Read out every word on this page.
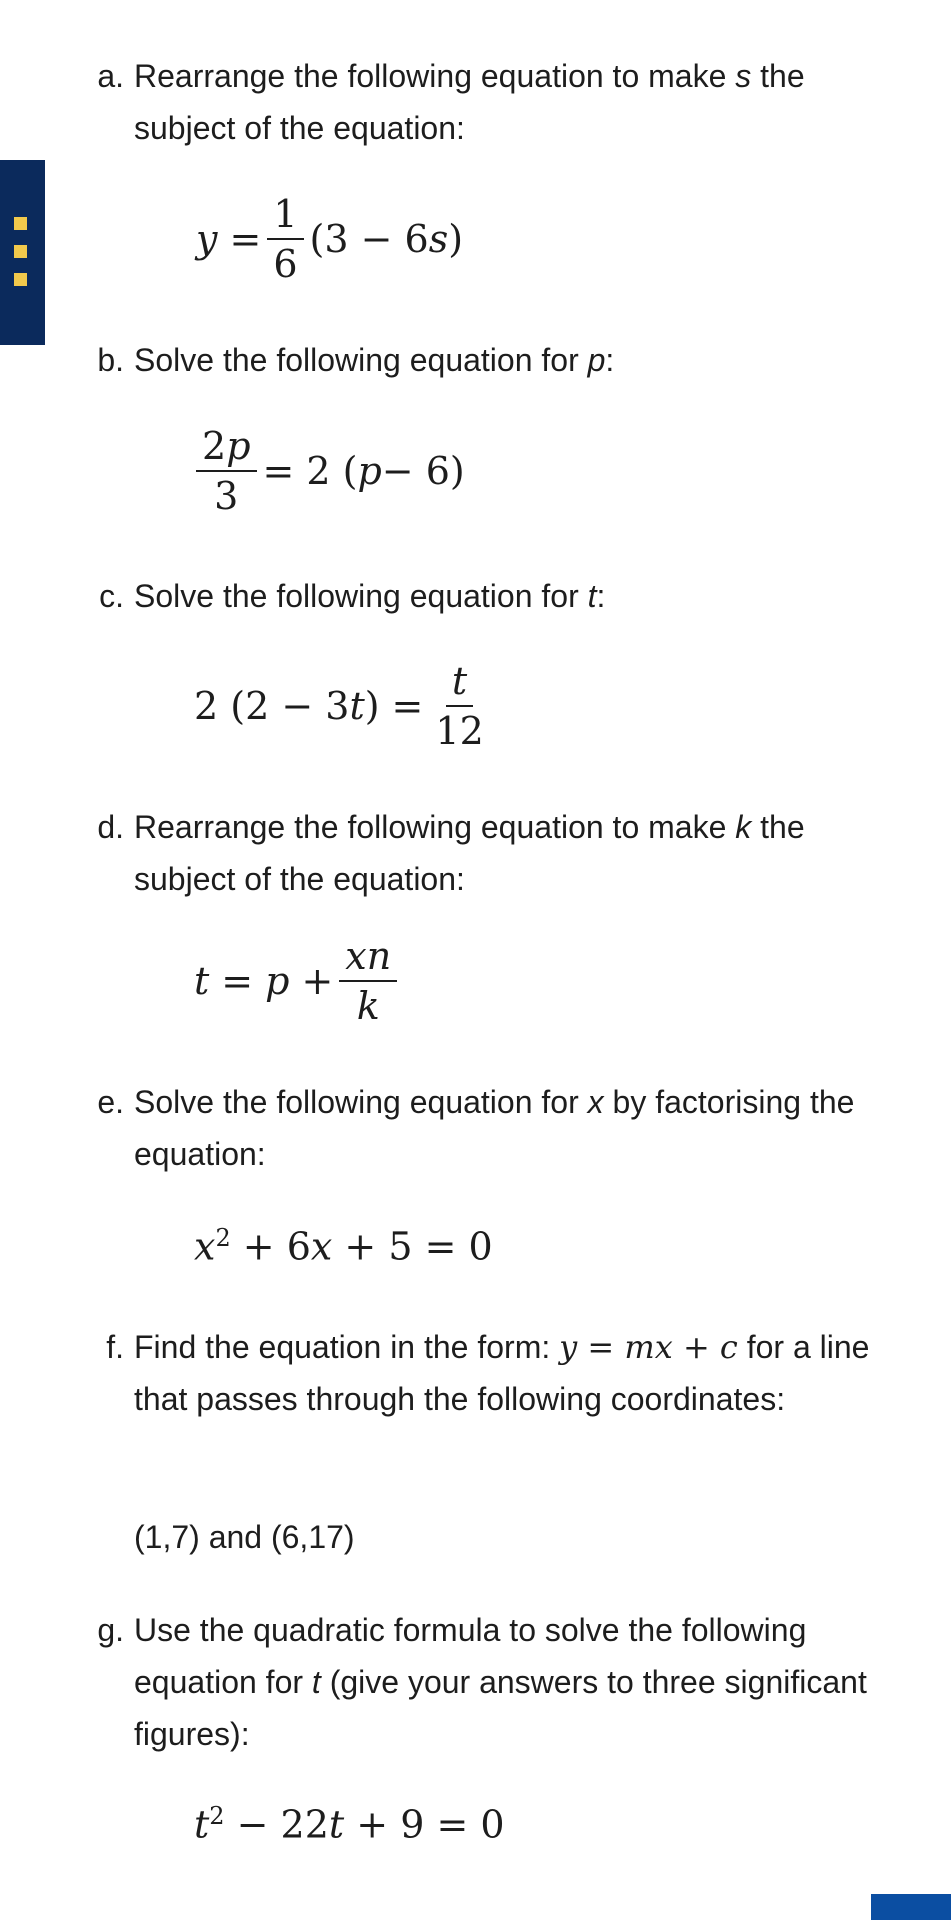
a. Rearrange the following equation to make s the subject of the equation:
$y = \frac{1}{6} (3 - 6$ s )
b. Solve the following equation for p:
$\frac{2p}{3} = 2$ ( p − 6)
c. Solve the following equation for t:
2 (2 − 3 t ) = $\frac{t}{12}$
d. Rearrange the following equation to make k the subject of the equation:
$t = p + \frac{xn}{k}$
e. Solve the following equation for x by factorising the equation:
$x^2 + 6x + 5 = 0$
f. Find the equation in the form: y = mx + c for a line that passes through the following coordinates:
(1,7) and (6,17)
g. Use the quadratic formula to solve the following equation for t (give your answers to three significant figures):
$t^2 - 22t + 9 = 0$
